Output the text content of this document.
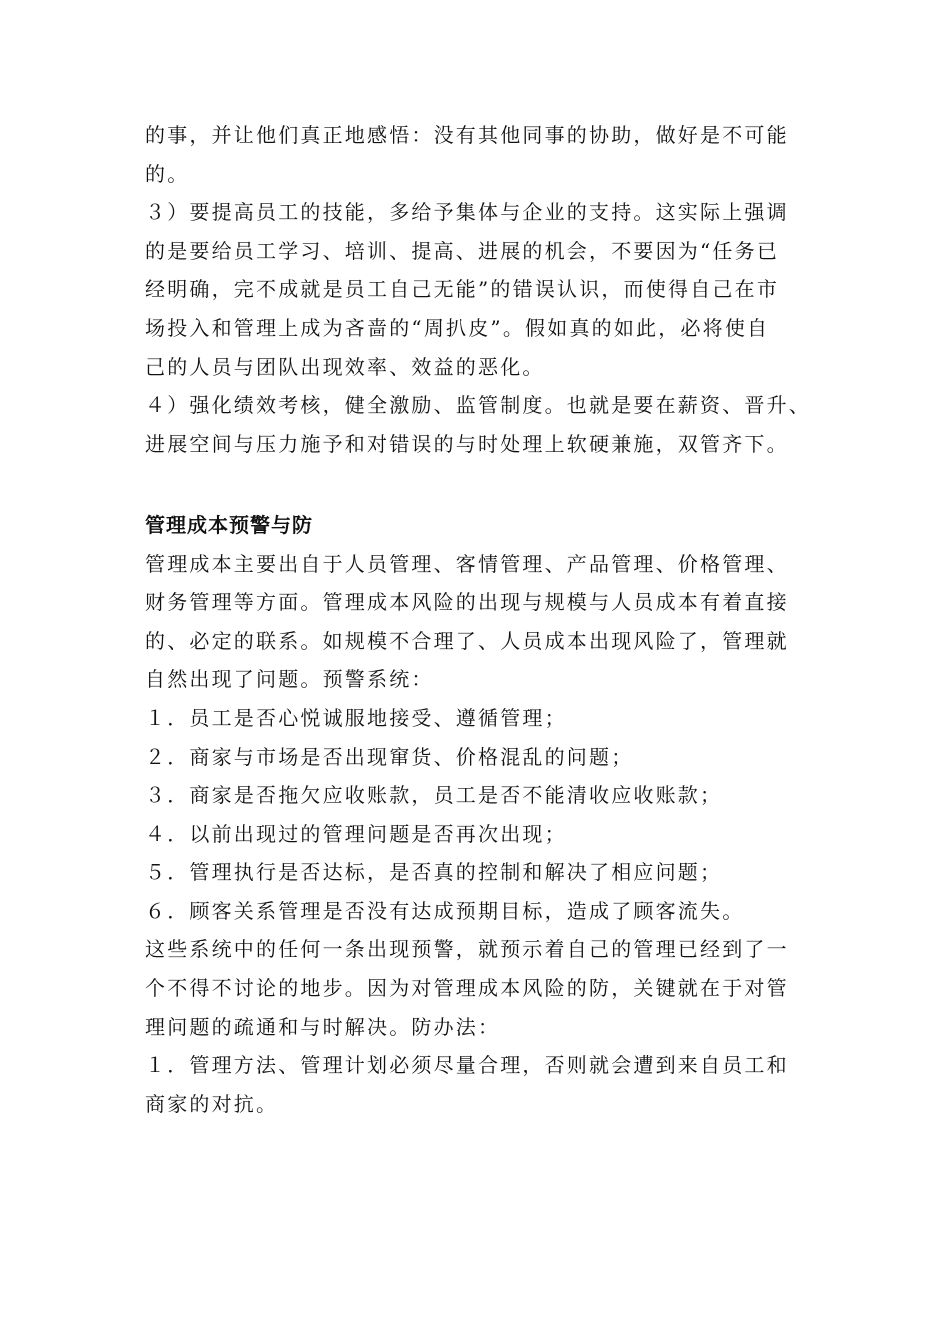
的事，并让他们真正地感悟：没有其他同事的协助，做好是不可能
的。
３）要提高员工的技能，多给予集体与企业的支持。这实际上强调
的是要给员工学习、培训、提高、进展的机会，不要因为“任务已
经明确，完不成就是员工自己无能”的错误认识，而使得自己在市
场投入和管理上成为吝啬的“周扒皮”。假如真的如此，必将使自
己的人员与团队出现效率、效益的恶化。
４）强化绩效考核，健全激励、监管制度。也就是要在薪资、晋升、
进展空间与压力施予和对错误的与时处理上软硬兼施，双管齐下。
管理成本预警与防
管理成本主要出自于人员管理、客情管理、产品管理、价格管理、
财务管理等方面。管理成本风险的出现与规模与人员成本有着直接
的、必定的联系。如规模不合理了、人员成本出现风险了，管理就
自然出现了问题。预警系统：
１．员工是否心悦诚服地接受、遵循管理；
２．商家与市场是否出现窜货、价格混乱的问题；
３．商家是否拖欠应收账款，员工是否不能清收应收账款；
４．以前出现过的管理问题是否再次出现；
５．管理执行是否达标，是否真的控制和解决了相应问题；
６．顾客关系管理是否没有达成预期目标，造成了顾客流失。
这些系统中的任何一条出现预警，就预示着自己的管理已经到了一
个不得不讨论的地步。因为对管理成本风险的防，关键就在于对管
理问题的疏通和与时解决。防办法：
１．管理方法、管理计划必须尽量合理，否则就会遭到来自员工和
商家的对抗。
